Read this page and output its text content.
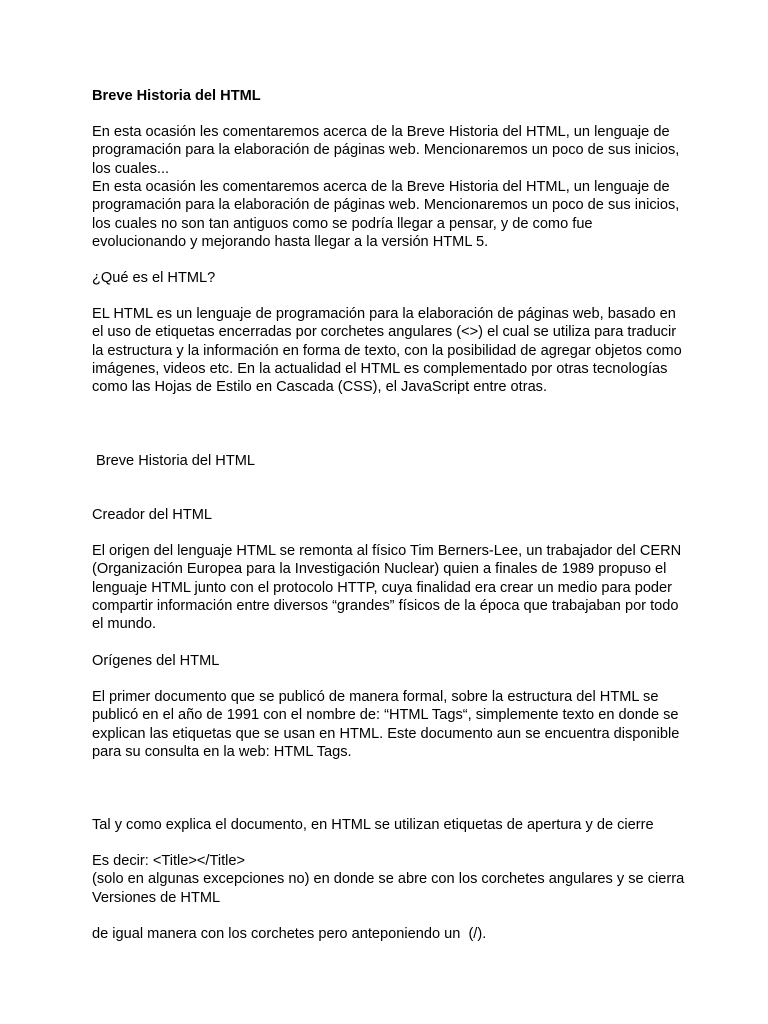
Breve Historia del HTML

En esta ocasión les comentaremos acerca de la Breve Historia del HTML, un lenguaje de
programación para la elaboración de páginas web. Mencionaremos un poco de sus inicios,
los cuales...

En esta ocasión les comentaremos acerca de la Breve Historia del HTML, un lenguaje de
programación para la elaboración de páginas web. Mencionaremos un poco de sus inicios,
los cuales no son tan antiguos como se podría llegar a pensar, y de como fue
evolucionando y mejorando hasta llegar a la versión HTML 5.

¿Qué es el HTML?

EL HTML es un lenguaje de programación para la elaboración de páginas web, basado en
el uso de etiquetas encerradas por corchetes angulares (<>) el cual se utiliza para traducir
la estructura y la información en forma de texto, con la posibilidad de agregar objetos como
imágenes, videos etc. En la actualidad el HTML es complementado por otras tecnologías
como las Hojas de Estilo en Cascada (CSS), el JavaScript entre otras.

Breve Historia del HTML

Creador del HTML

El origen del lenguaje HTML se remonta al físico Tim Berners-Lee, un trabajador del CERN
(Organización Europea para la Investigación Nuclear) quien a finales de 1989 propuso el
lenguaje HTML junto con el protocolo HTTP, cuya finalidad era crear un medio para poder
compartir información entre diversos “grandes” físicos de la época que trabajaban por todo
el mundo.

Orígenes del HTML

El primer documento que se publicó de manera formal, sobre la estructura del HTML se
publicó en el año de 1991 con el nombre de: “HTML Tags“, simplemente texto en donde se
explican las etiquetas que se usan en HTML. Este documento aun se encuentra disponible
para su consulta en la web: HTML Tags.

Tal y como explica el documento, en HTML se utilizan etiquetas de apertura y de cierre

(solo en algunas excepciones no) en donde se abre con los corchetes angulares y se cierra

de igual manera con los corchetes pero anteponiendo un  (/).

Es decir: <Title></Title>

Versiones de HTML
